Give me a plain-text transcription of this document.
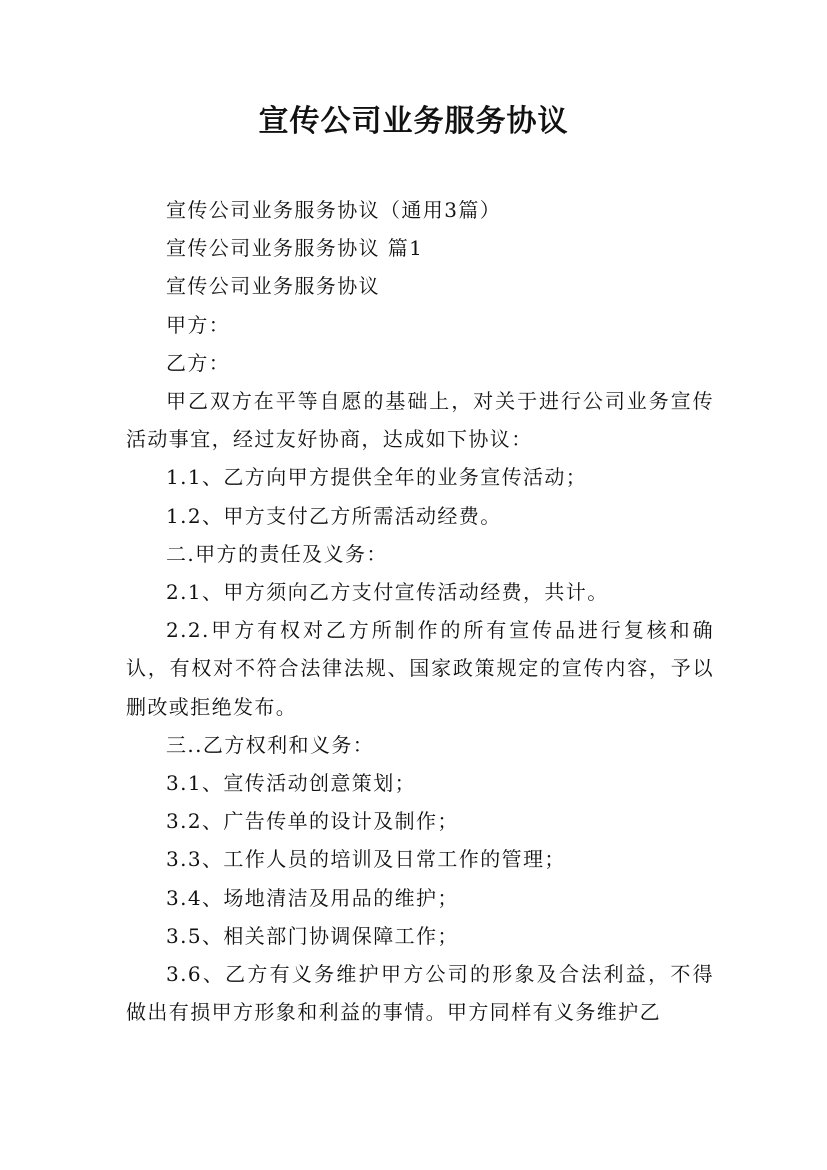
宣传公司业务服务协议

宣传公司业务服务协议（通用3篇）

宣传公司业务服务协议 篇1

宣传公司业务服务协议

甲方：

乙方：

甲乙双方在平等自愿的基础上，对关于进行公司业务宣传活动事宜，经过友好协商，达成如下协议：

1.1、乙方向甲方提供全年的业务宣传活动；

1.2、甲方支付乙方所需活动经费。

二.甲方的责任及义务：

2.1、甲方须向乙方支付宣传活动经费，共计。

2.2.甲方有权对乙方所制作的所有宣传品进行复核和确认，有权对不符合法律法规、国家政策规定的宣传内容，予以删改或拒绝发布。

三..乙方权利和义务：

3.1、宣传活动创意策划；

3.2、广告传单的设计及制作；

3.3、工作人员的培训及日常工作的管理；

3.4、场地清洁及用品的维护；

3.5、相关部门协调保障工作；

3.6、乙方有义务维护甲方公司的形象及合法利益，不得做出有损甲方形象和利益的事情。甲方同样有义务维护乙
